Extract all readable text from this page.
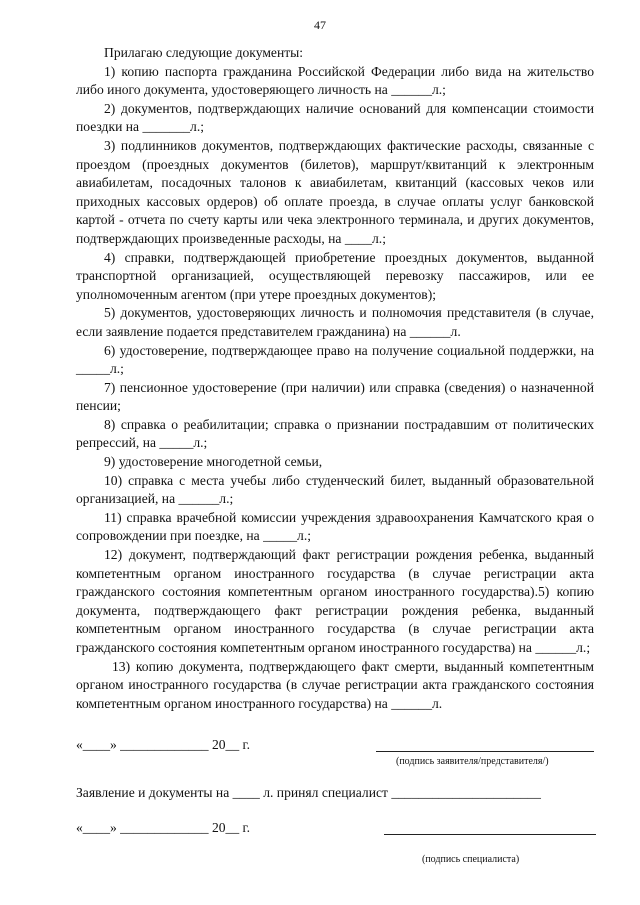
47

Прилагаю следующие документы:

1) копию паспорта гражданина Российской Федерации либо вида на жительство либо иного документа, удостоверяющего личность на ______л.;

2) документов, подтверждающих наличие оснований для компенсации стоимости поездки на _______л.;

3) подлинников документов, подтверждающих фактические расходы, связанные с проездом (проездных документов (билетов), маршрут/квитанций к электронным авиабилетам, посадочных талонов к авиабилетам, квитанций (кассовых чеков или приходных кассовых ордеров) об оплате проезда, в случае оплаты услуг банковской картой - отчета по счету карты или чека электронного терминала, и других документов, подтверждающих произведенные расходы, на ____л.;

4) справки, подтверждающей приобретение проездных документов, выданной транспортной организацией, осуществляющей перевозку пассажиров, или ее уполномоченным агентом (при утере проездных документов);

5) документов, удостоверяющих личность и полномочия представителя (в случае, если заявление подается представителем гражданина) на ______л.

6) удостоверение, подтверждающее право на получение социальной поддержки, на _____л.;

7) пенсионное удостоверение (при наличии) или справка (сведения) о назначенной пенсии;

8) справка о реабилитации; справка о признании пострадавшим от политических репрессий, на _____л.;

9) удостоверение многодетной семьи,

10) справка с места учебы либо студенческий билет, выданный образовательной организацией, на ______л.;

11) справка врачебной комиссии учреждения здравоохранения Камчатского края о сопровождении при поездке, на _____л.;

12) документ, подтверждающий факт регистрации рождения ребенка, выданный компетентным органом иностранного государства (в случае регистрации акта гражданского состояния компетентным органом иностранного государства).5) копию документа, подтверждающего факт регистрации рождения ребенка, выданный компетентным органом иностранного государства (в случае регистрации акта гражданского состояния компетентным органом иностранного государства) на ______л.;

13) копию документа, подтверждающего факт смерти, выданный компетентным органом иностранного государства (в случае регистрации акта гражданского состояния компетентным органом иностранного государства) на ______л.

«____» _____________ 20__ г.
(подпись заявителя/представителя/)
Заявление и документы на ____ л. принял специалист ______________________
«____» _____________ 20__ г.
(подпись специалиста)
